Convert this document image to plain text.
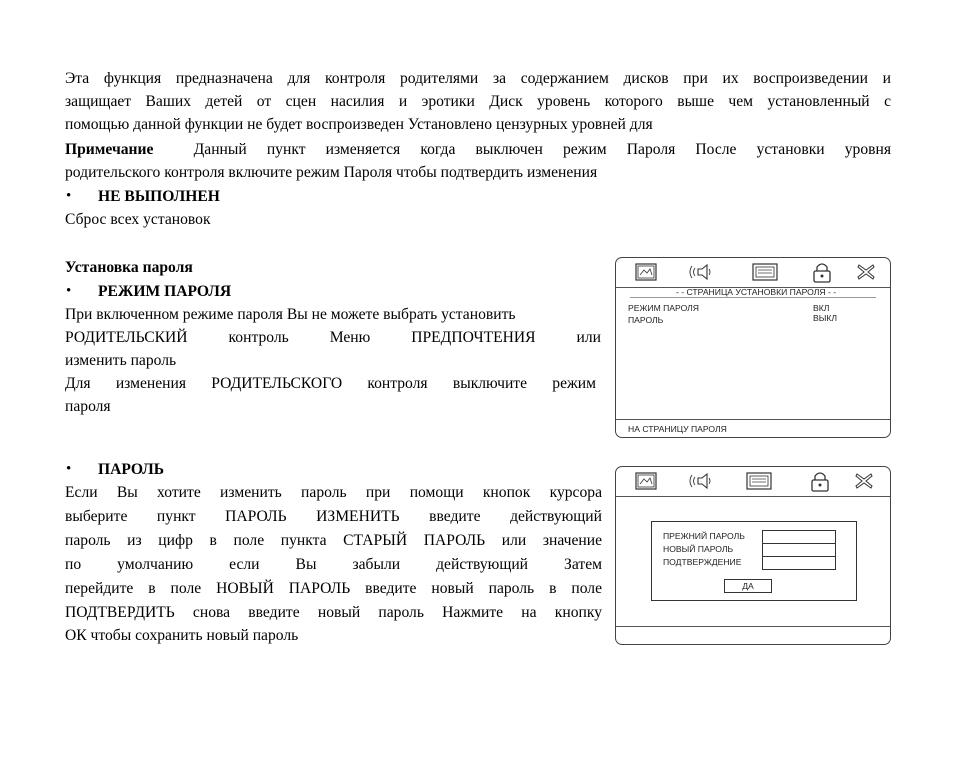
Эта функция предназначена для контроля родителями за содержанием дисков при их воспроизведении и
защищает Ваших детей от сцен насилия и эротики Диск уровень которого выше чем установленный с
помощью данной функции не будет воспроизведен Установлено цензурных уровней для
Примечание	Данный пункт изменяется когда выключен режим Пароля После установки уровня
родительского контроля включите режим Пароля чтобы подтвердить изменения
• НЕ ВЫПОЛНЕН
Сброс всех установок
Установка пароля
• РЕЖИМ ПАРОЛЯ
При включенном режиме пароля Вы не можете выбрать установить
РОДИТЕЛЬСКИЙ контроль Меню ПРЕДПОЧТЕНИЯ или
изменить пароль
Для изменения РОДИТЕЛЬСКОГО контроля выключите режим
пароля
• ПАРОЛЬ
Если Вы хотите изменить пароль при помощи кнопок курсора
выберите пункт ПАРОЛЬ ИЗМЕНИТЬ введите действующий
пароль из цифр в поле пункта СТАРЫЙ ПАРОЛЬ или значение
по умолчанию если Вы забыли действующий Затем
перейдите в поле НОВЫЙ ПАРОЛЬ введите новый пароль в поле
ПОДТВЕРДИТЬ снова введите новый пароль Нажмите на кнопку
ОК чтобы сохранить новый пароль
- - СТРАНИЦА УСТАНОВКИ ПАРОЛЯ - -
РЕЖИМ ПАРОЛЯ	ВКЛ
ПАРОЛЬ	ВЫКЛ
НА СТРАНИЦУ ПАРОЛЯ
ПРЕЖНИЙ ПАРОЛЬ
НОВЫЙ ПАРОЛЬ
ПОДТВЕРЖДЕНИЕ
ДА
